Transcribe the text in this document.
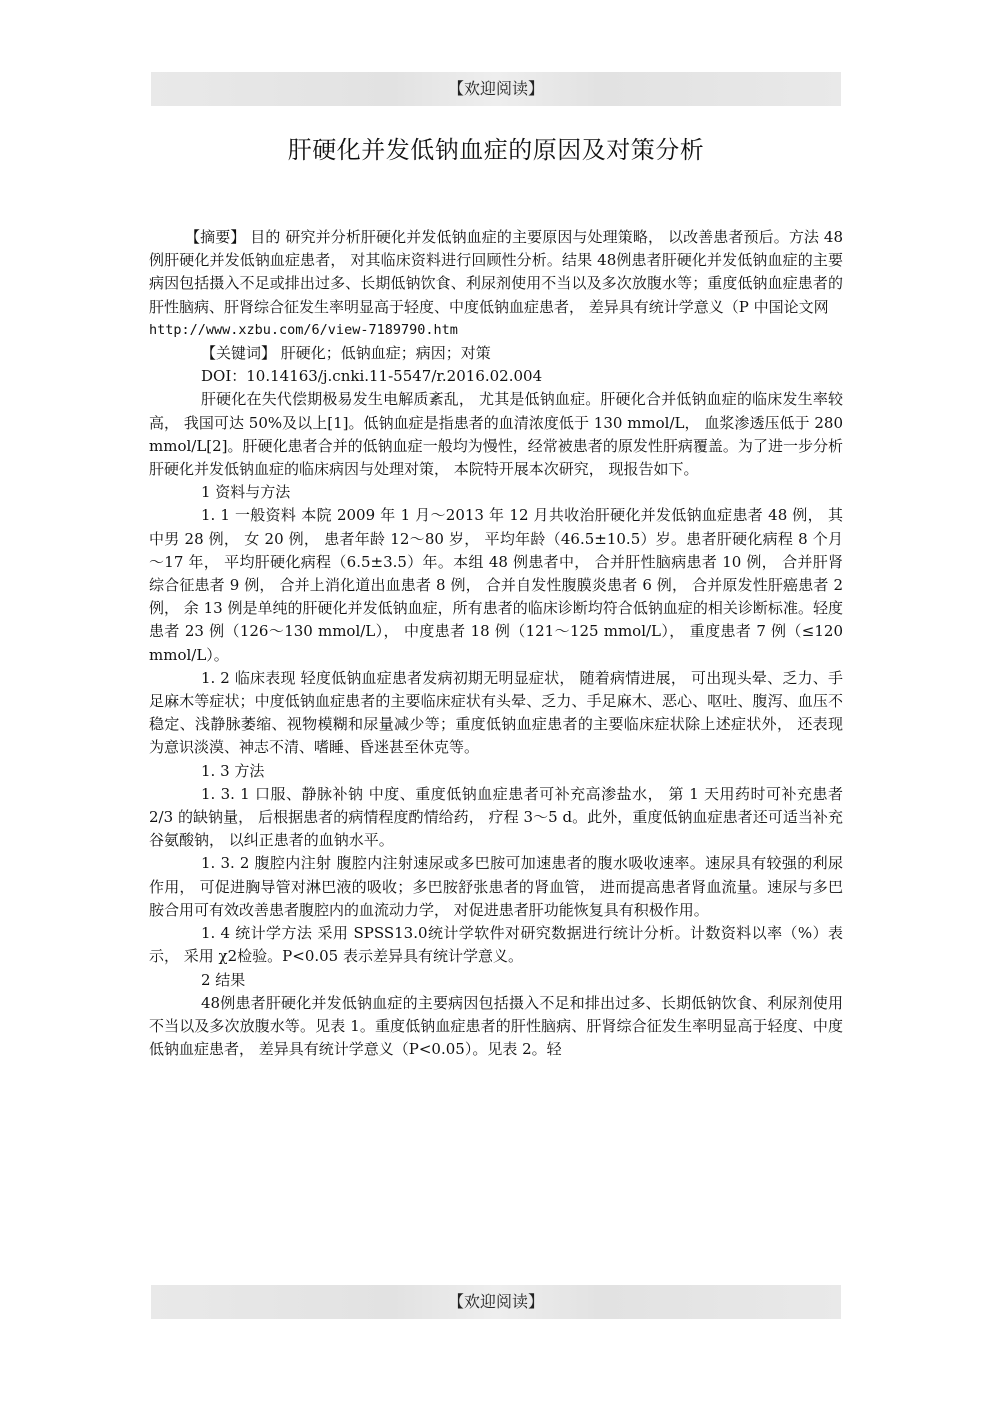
【欢迎阅读】
肝硬化并发低钠血症的原因及对策分析

【摘要】 目的 研究并分析肝硬化并发低钠血症的主要原因与处理策略， 以改善患者预后。方法 48例肝硬化并发低钠血症患者， 对其临床资料进行回顾性分析。结果 48例患者肝硬化并发低钠血症的主要病因包括摄入不足或排出过多、长期低钠饮食、利尿剂使用不当以及多次放腹水等；重度低钠血症患者的肝性脑病、肝肾综合征发生率明显高于轻度、中度低钠血症患者， 差异具有统计学意义（P 中国论文网

http://www.xzbu.com/6/view-7189790.htm

【关键词】 肝硬化；低钠血症；病因；对策

DOI：10.14163/j.cnki.11-5547/r.2016.02.004

肝硬化在失代偿期极易发生电解质紊乱， 尤其是低钠血症。肝硬化合并低钠血症的临床发生率较高， 我国可达 50%及以上[1]。低钠血症是指患者的血清浓度低于 130 mmol/L， 血浆渗透压低于 280 mmol/L[2]。肝硬化患者合并的低钠血症一般均为慢性，经常被患者的原发性肝病覆盖。为了进一步分析肝硬化并发低钠血症的临床病因与处理对策， 本院特开展本次研究， 现报告如下。

1 资料与方法

1. 1 一般资料 本院 2009 年 1 月～2013 年 12 月共收治肝硬化并发低钠血症患者 48 例， 其中男 28 例， 女 20 例， 患者年龄 12～80 岁， 平均年龄（46.5±10.5）岁。患者肝硬化病程 8 个月～17 年， 平均肝硬化病程（6.5±3.5）年。本组 48 例患者中， 合并肝性脑病患者 10 例， 合并肝肾综合征患者 9 例， 合并上消化道出血患者 8 例， 合并自发性腹膜炎患者 6 例， 合并原发性肝癌患者 2 例， 余 13 例是单纯的肝硬化并发低钠血症，所有患者的临床诊断均符合低钠血症的相关诊断标准。轻度患者 23 例（126～130 mmol/L）， 中度患者 18 例（121～125 mmol/L）， 重度患者 7 例（≤120 mmol/L）。

1. 2 临床表现 轻度低钠血症患者发病初期无明显症状， 随着病情进展， 可出现头晕、乏力、手足麻木等症状；中度低钠血症患者的主要临床症状有头晕、乏力、手足麻木、恶心、呕吐、腹泻、血压不稳定、浅静脉萎缩、视物模糊和尿量减少等；重度低钠血症患者的主要临床症状除上述症状外， 还表现为意识淡漠、神志不清、嗜睡、昏迷甚至休克等。

1. 3 方法

1. 3. 1 口服、静脉补钠 中度、重度低钠血症患者可补充高渗盐水， 第 1 天用药时可补充患者 2/3 的缺钠量， 后根据患者的病情程度酌情给药， 疗程 3～5 d。此外，重度低钠血症患者还可适当补充谷氨酸钠， 以纠正患者的血钠水平。

1. 3. 2 腹腔内注射 腹腔内注射速尿或多巴胺可加速患者的腹水吸收速率。速尿具有较强的利尿作用， 可促进胸导管对淋巴液的吸收；多巴胺舒张患者的肾血管， 进而提高患者肾血流量。速尿与多巴胺合用可有效改善患者腹腔内的血流动力学， 对促进患者肝功能恢复具有积极作用。

1. 4 统计学方法 采用 SPSS13.0统计学软件对研究数据进行统计分析。计数资料以率（%）表示， 采用 χ2检验。P<0.05 表示差异具有统计学意义。

2 结果

48例患者肝硬化并发低钠血症的主要病因包括摄入不足和排出过多、长期低钠饮食、利尿剂使用不当以及多次放腹水等。见表 1。重度低钠血症患者的肝性脑病、肝肾综合征发生率明显高于轻度、中度低钠血症患者， 差异具有统计学意义（P<0.05）。见表 2。轻

【欢迎阅读】
